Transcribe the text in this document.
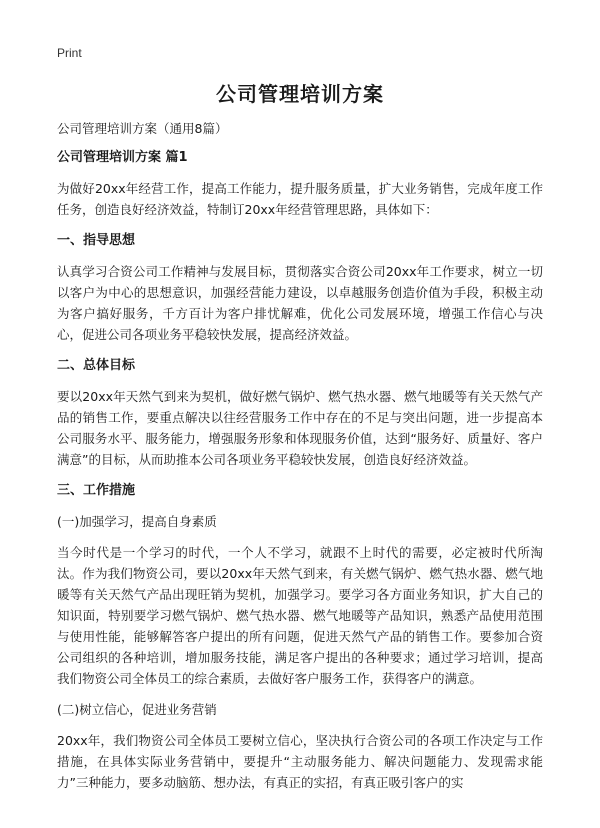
Print
公司管理培训方案

公司管理培训方案（通用8篇）

公司管理培训方案 篇1

为做好20xx年经营工作，提高工作能力，提升服务质量，扩大业务销售，完成年度工作任务，创造良好经济效益，特制订20xx年经营管理思路，具体如下：

一、指导思想

认真学习合资公司工作精神与发展目标，贯彻落实合资公司20xx年工作要求，树立一切以客户为中心的思想意识，加强经营能力建设，以卓越服务创造价值为手段，积极主动为客户搞好服务，千方百计为客户排忧解难，优化公司发展环境，增强工作信心与决心，促进公司各项业务平稳较快发展，提高经济效益。

二、总体目标

要以20xx年天然气到来为契机，做好燃气锅炉、燃气热水器、燃气地暖等有关天然气产品的销售工作，要重点解决以往经营服务工作中存在的不足与突出问题，进一步提高本公司服务水平、服务能力，增强服务形象和体现服务价值，达到“服务好、质量好、客户满意”的目标，从而助推本公司各项业务平稳较快发展，创造良好经济效益。

三、工作措施

(一)加强学习，提高自身素质

当今时代是一个学习的时代，一个人不学习，就跟不上时代的需要，必定被时代所淘汰。作为我们物资公司，要以20xx年天然气到来，有关燃气锅炉、燃气热水器、燃气地暖等有关天然气产品出现旺销为契机，加强学习。要学习各方面业务知识，扩大自己的知识面，特别要学习燃气锅炉、燃气热水器、燃气地暖等产品知识，熟悉产品使用范围与使用性能，能够解答客户提出的所有问题，促进天然气产品的销售工作。要参加合资公司组织的各种培训，增加服务技能，满足客户提出的各种要求；通过学习培训，提高我们物资公司全体员工的综合素质，去做好客户服务工作，获得客户的满意。

(二)树立信心，促进业务营销

20xx年，我们物资公司全体员工要树立信心，坚决执行合资公司的各项工作决定与工作措施，在具体实际业务营销中，要提升“主动服务能力、解决问题能力、发现需求能力”三种能力，要多动脑筋、想办法，有真正的实招，有真正吸引客户的实
